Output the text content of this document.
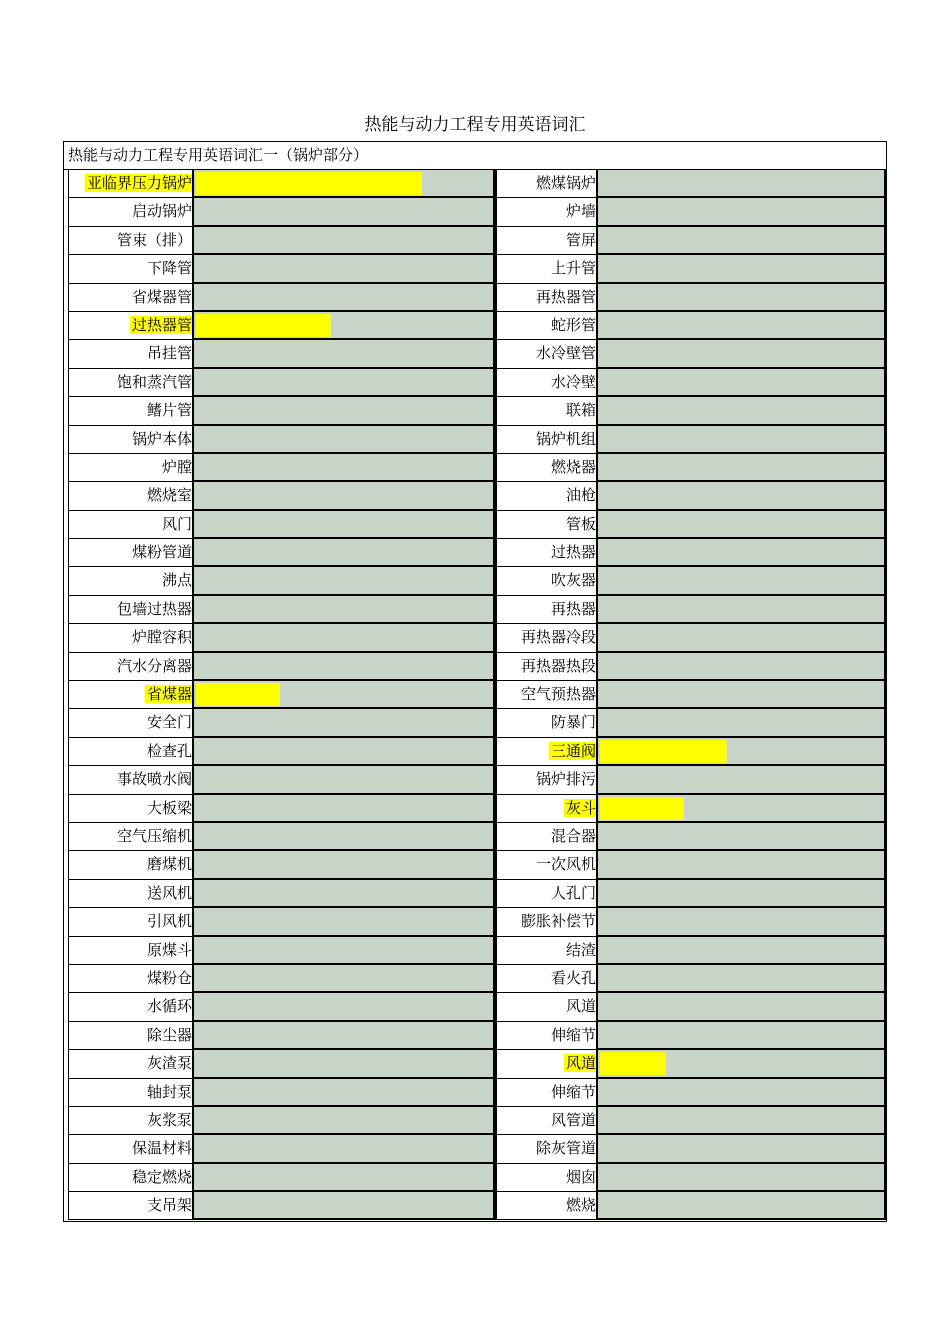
热能与动力工程专用英语词汇
热能与动力工程专用英语词汇一（锅炉部分）
亚临界压力锅炉	燃煤锅炉
启动锅炉	炉墙
管束（排）	管屏
下降管	上升管
省煤器管	再热器管
过热器管	蛇形管
吊挂管	水冷壁管
饱和蒸汽管	水冷壁
鳍片管	联箱
锅炉本体	锅炉机组
炉膛	燃烧器
燃烧室	油枪
风门	管板
煤粉管道	过热器
沸点	吹灰器
包墙过热器	再热器
炉膛容积	再热器冷段
汽水分离器	再热器热段
省煤器	空气预热器
安全门	防暴门
检查孔	三通阀
事故喷水阀	锅炉排污
大板梁	灰斗
空气压缩机	混合器
磨煤机	一次风机
送风机	人孔门
引风机	膨胀补偿节
原煤斗	结渣
煤粉仓	看火孔
水循环	风道
除尘器	伸缩节
灰渣泵	风道
轴封泵	伸缩节
灰浆泵	风管道
保温材料	除灰管道
稳定燃烧	烟囱
支吊架	燃烧
